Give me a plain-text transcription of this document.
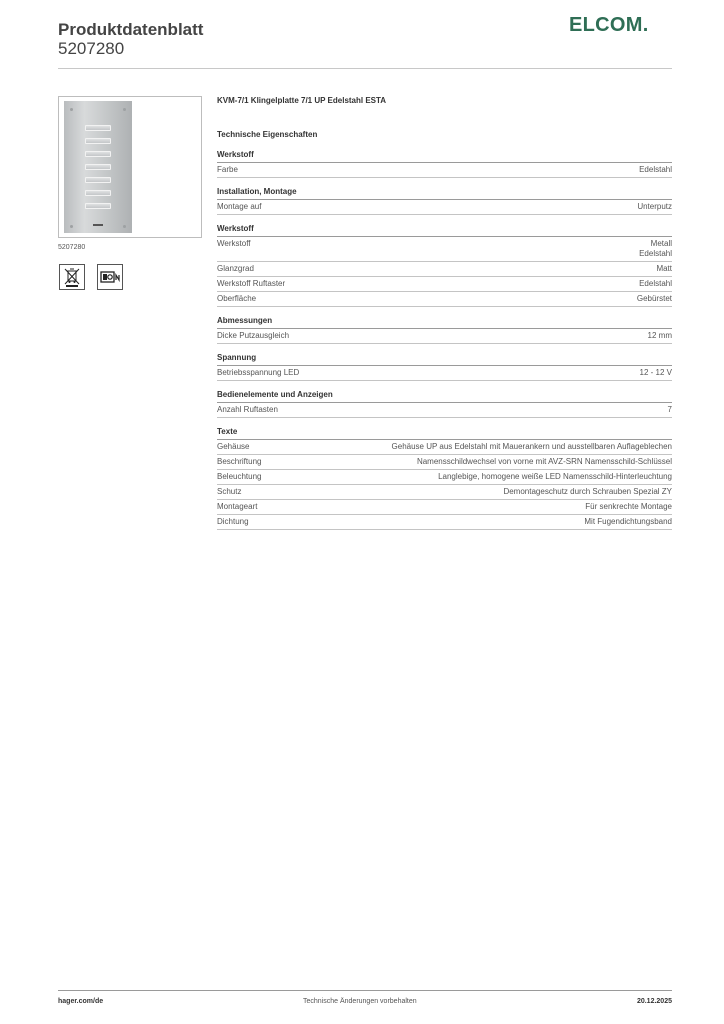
Produktdatenblatt
5207280
ELCOM.
5207280
KVM-7/1 Klingelplatte 7/1 UP Edelstahl ESTA
Technische Eigenschaften
Werkstoff
Farbe	Edelstahl
Installation, Montage
Montage auf	Unterputz
Werkstoff
Werkstoff	Metall
Edelstahl
Glanzgrad	Matt
Werkstoff Ruftaster	Edelstahl
Oberfläche	Gebürstet
Abmessungen
Dicke Putzausgleich	12 mm
Spannung
Betriebsspannung LED	12 - 12 V
Bedienelemente und Anzeigen
Anzahl Ruftasten	7
Texte
Gehäuse	Gehäuse UP aus Edelstahl mit Mauerankern und ausstellbaren Auflageblechen
Beschriftung	Namensschildwechsel von vorne mit AVZ-SRN Namensschild-Schlüssel
Beleuchtung	Langlebige, homogene weiße LED Namensschild-Hinterleuchtung
Schutz	Demontageschutz durch Schrauben Spezial ZY
Montageart	Für senkrechte Montage
Dichtung	Mit Fugendichtungsband
hager.com/de	Technische Änderungen vorbehalten	20.12.2025
